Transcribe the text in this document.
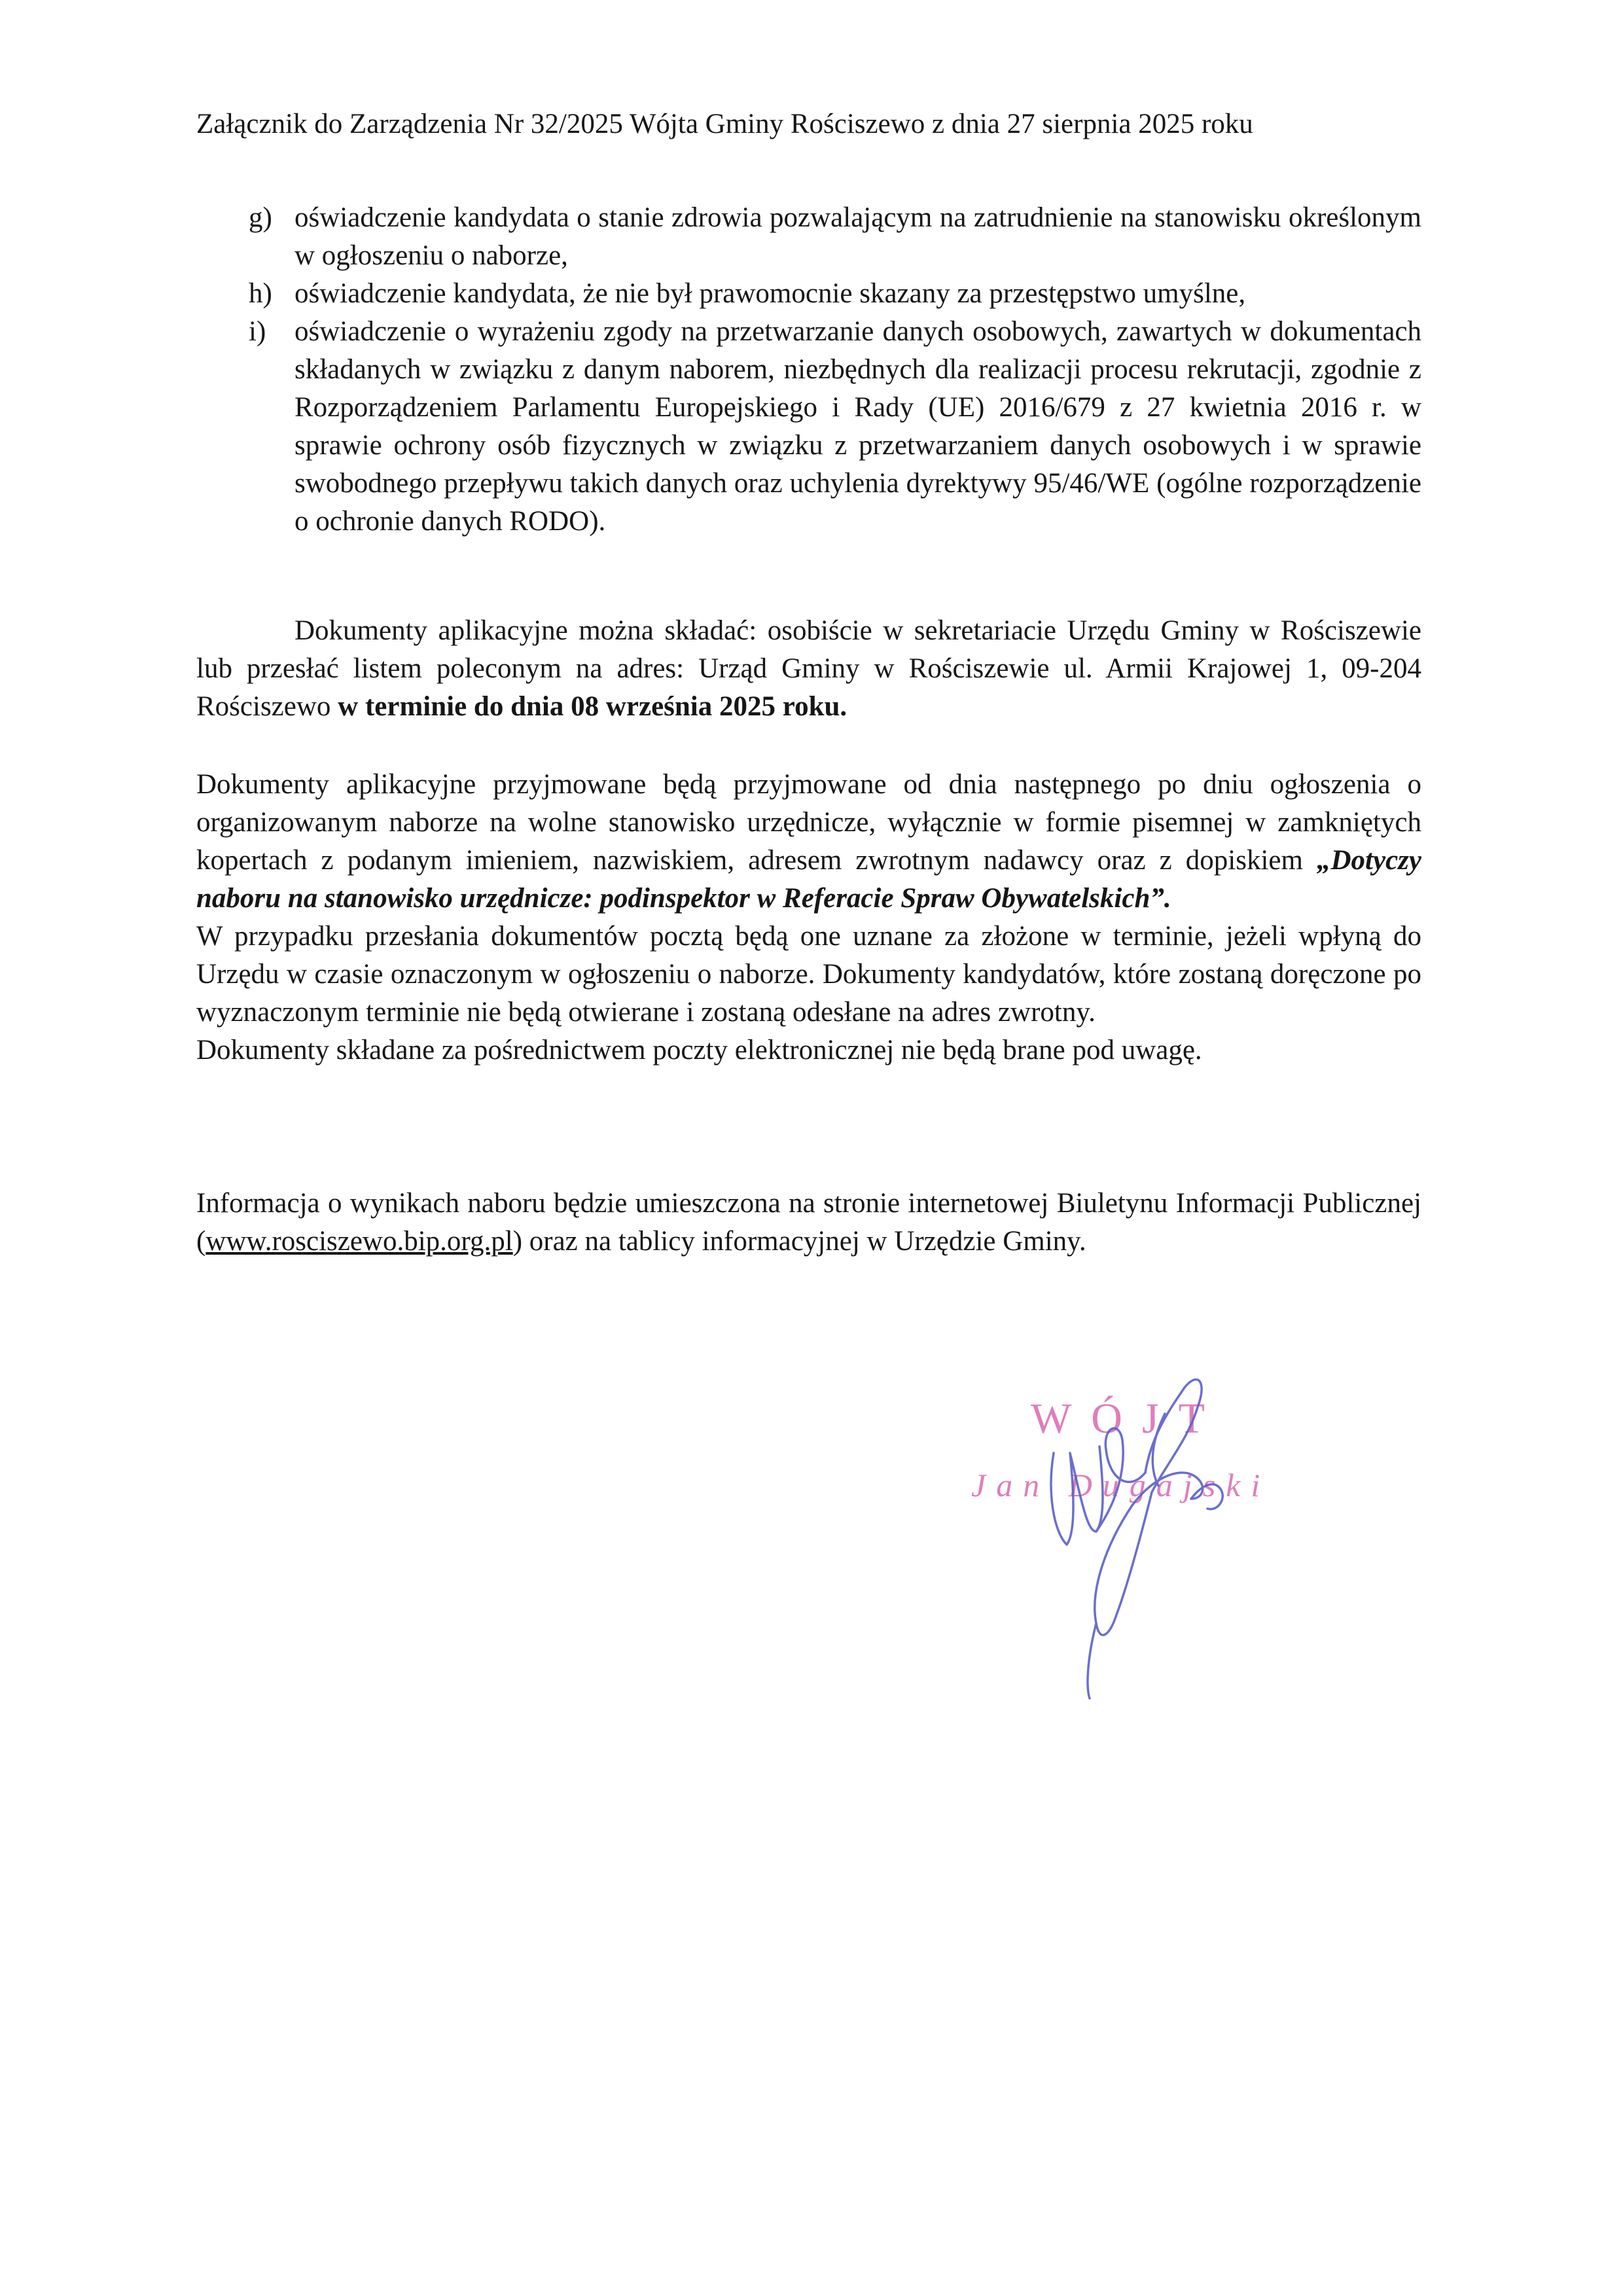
Załącznik do Zarządzenia Nr 32/2025 Wójta Gminy Rościszewo z dnia 27 sierpnia 2025 roku
g) oświadczenie kandydata o stanie zdrowia pozwalającym na zatrudnienie na stanowisku określonym w ogłoszeniu o naborze,
h) oświadczenie kandydata, że nie był prawomocnie skazany za przestępstwo umyślne,
i) oświadczenie o wyrażeniu zgody na przetwarzanie danych osobowych, zawartych w dokumentach składanych w związku z danym naborem, niezbędnych dla realizacji procesu rekrutacji, zgodnie z Rozporządzeniem Parlamentu Europejskiego i Rady (UE) 2016/679 z 27 kwietnia 2016 r. w sprawie ochrony osób fizycznych w związku z przetwarzaniem danych osobowych i w sprawie swobodnego przepływu takich danych oraz uchylenia dyrektywy 95/46/WE (ogólne rozporządzenie o ochronie danych RODO).
Dokumenty aplikacyjne można składać: osobiście w sekretariacie Urzędu Gminy w Rościszewie lub przesłać listem poleconym na adres: Urząd Gminy w Rościszewie ul. Armii Krajowej 1, 09-204 Rościszewo w terminie do dnia 08 września 2025 roku.

Dokumenty aplikacyjne przyjmowane będą przyjmowane od dnia następnego po dniu ogłoszenia o organizowanym naborze na wolne stanowisko urzędnicze, wyłącznie w formie pisemnej w zamkniętych kopertach z podanym imieniem, nazwiskiem, adresem zwrotnym nadawcy oraz z dopiskiem „Dotyczy naboru na stanowisko urzędnicze: podinspektor w Referacie Spraw Obywatelskich”.

W przypadku przesłania dokumentów pocztą będą one uznane za złożone w terminie, jeżeli wpłyną do Urzędu w czasie oznaczonym w ogłoszeniu o naborze. Dokumenty kandydatów, które zostaną doręczone po wyznaczonym terminie nie będą otwierane i zostaną odesłane na adres zwrotny.

Dokumenty składane za pośrednictwem poczty elektronicznej nie będą brane pod uwagę.

Informacja o wynikach naboru będzie umieszczona na stronie internetowej Biuletynu Informacji Publicznej (www.rosciszewo.bip.org.pl) oraz na tablicy informacyjnej w Urzędzie Gminy.
WÓJT
Jan Dugajski
